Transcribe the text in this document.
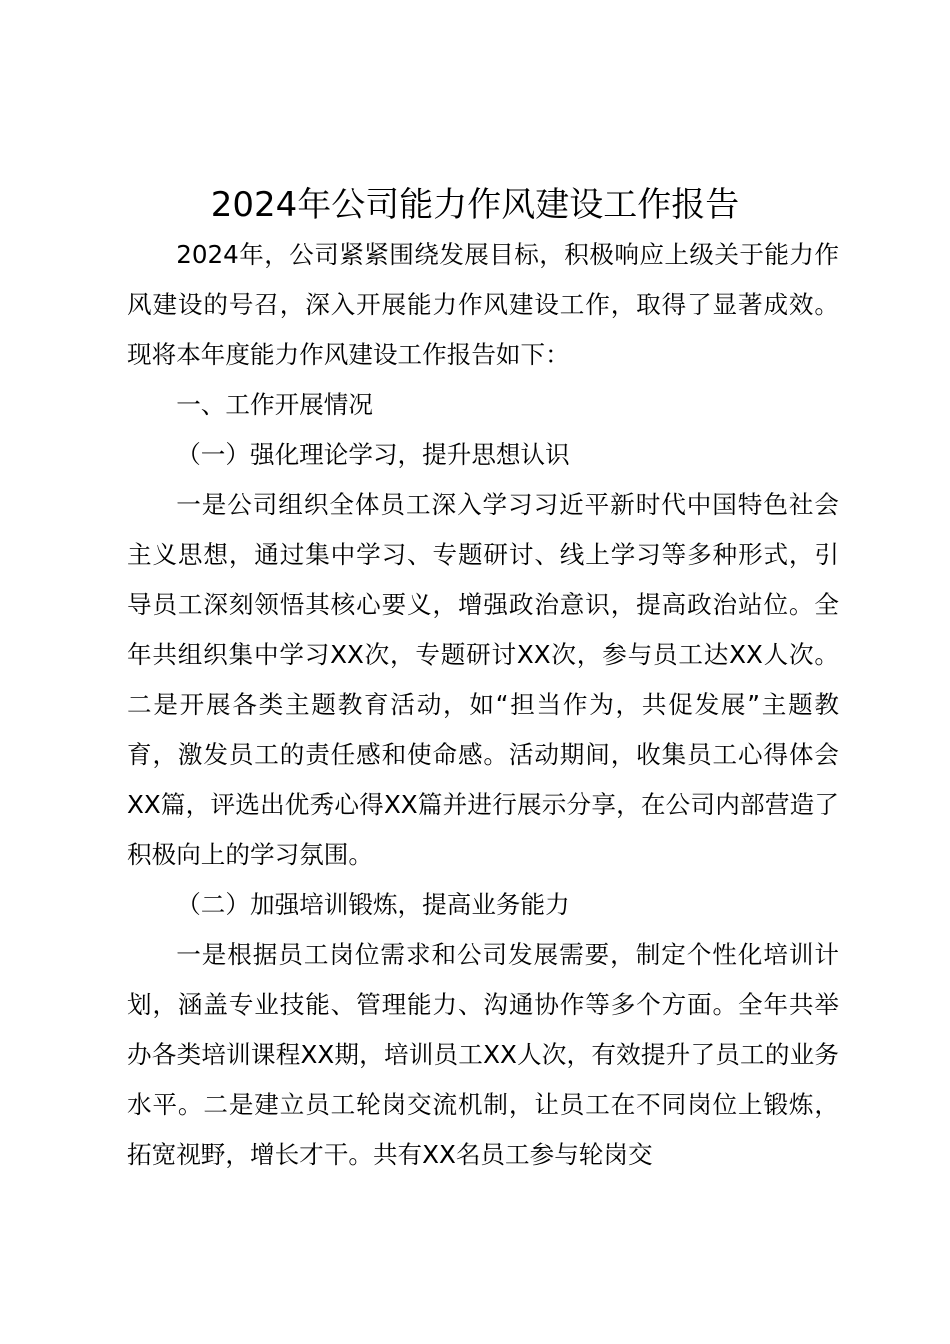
2024年公司能力作风建设工作报告

2024年，公司紧紧围绕发展目标，积极响应上级关于能力作风建设的号召，深入开展能力作风建设工作，取得了显著成效。现将本年度能力作风建设工作报告如下：

一、工作开展情况

（一）强化理论学习，提升思想认识

一是公司组织全体员工深入学习习近平新时代中国特色社会主义思想，通过集中学习、专题研讨、线上学习等多种形式，引导员工深刻领悟其核心要义，增强政治意识，提高政治站位。全年共组织集中学习XX次，专题研讨XX次，参与员工达XX人次。二是开展各类主题教育活动，如“担当作为，共促发展”主题教育，激发员工的责任感和使命感。活动期间，收集员工心得体会XX篇，评选出优秀心得XX篇并进行展示分享，在公司内部营造了积极向上的学习氛围。

（二）加强培训锻炼，提高业务能力

一是根据员工岗位需求和公司发展需要，制定个性化培训计划，涵盖专业技能、管理能力、沟通协作等多个方面。全年共举办各类培训课程XX期，培训员工XX人次，有效提升了员工的业务水平。二是建立员工轮岗交流机制，让员工在不同岗位上锻炼，拓宽视野，增长才干。共有XX名员工参与轮岗交
